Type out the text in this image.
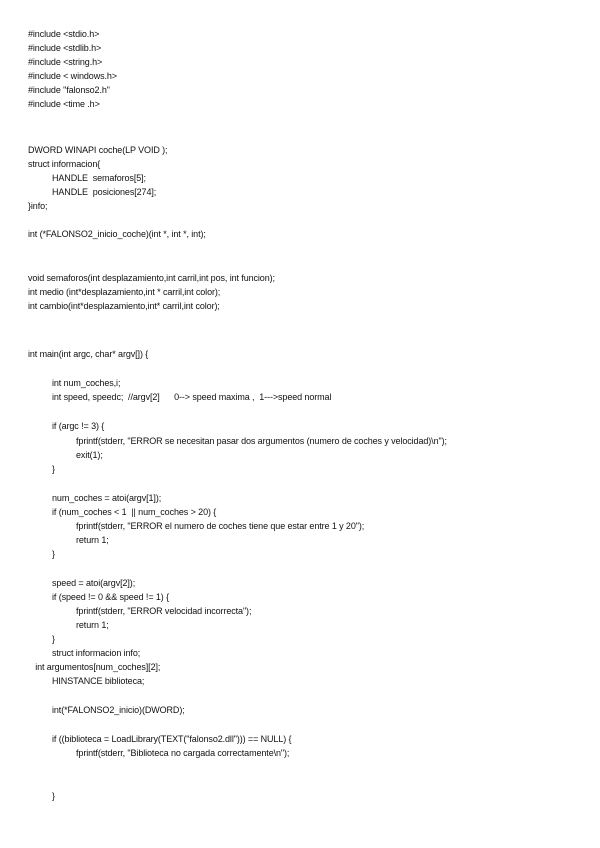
#include <stdio.h>
#include <stdlib.h>
#include <string.h>
#include < windows.h>
#include "falonso2.h"
#include <time .h>
DWORD WINAPI coche(LP VOID );
struct informacion{
HANDLE  semaforos[5];
HANDLE  posiciones[274];
}info;
int (*FALONSO2_inicio_coche)(int *, int *, int);
void semaforos(int desplazamiento,int carril,int pos, int funcion);
int medio (int*desplazamiento,int * carril,int color);
int cambio(int*desplazamiento,int* carril,int color);
int main(int argc, char* argv[]) {
int num_coches,i;
int speed, speedc;  //argv[2]      0--> speed maxima ,  1--->speed normal
if (argc != 3) {
fprintf(stderr, "ERROR se necesitan pasar dos argumentos (numero de coches y velocidad)\n");
exit(1);
}
num_coches = atoi(argv[1]);
if (num_coches < 1  || num_coches > 20) {
fprintf(stderr, "ERROR el numero de coches tiene que estar entre 1 y 20");
return 1;
}
speed = atoi(argv[2]);
if (speed != 0 && speed != 1) {
fprintf(stderr, "ERROR velocidad incorrecta");
return 1;
}
struct informacion info;
int argumentos[num_coches][2];
HINSTANCE biblioteca;
int(*FALONSO2_inicio)(DWORD);
if ((biblioteca = LoadLibrary(TEXT("falonso2.dll"))) == NULL) {
fprintf(stderr, "Biblioteca no cargada correctamente\n");
}
